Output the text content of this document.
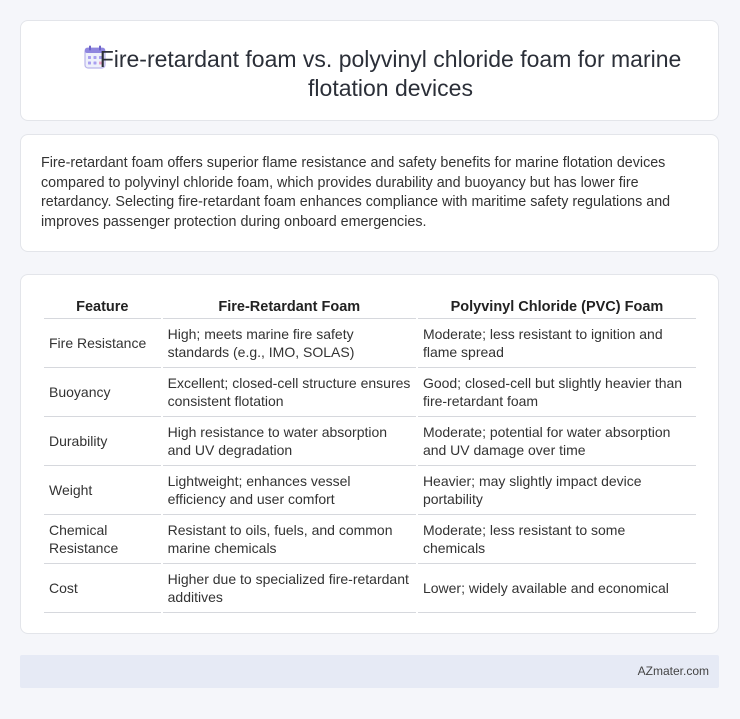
Fire-retardant foam vs. polyvinyl chloride foam for marine flotation devices

Fire-retardant foam offers superior flame resistance and safety benefits for marine flotation devices compared to polyvinyl chloride foam, which provides durability and buoyancy but has lower fire retardancy. Selecting fire-retardant foam enhances compliance with maritime safety regulations and improves passenger protection during onboard emergencies.

Feature	Fire-Retardant Foam	Polyvinyl Chloride (PVC) Foam
Fire Resistance	High; meets marine fire safety standards (e.g., IMO, SOLAS)	Moderate; less resistant to ignition and flame spread
Buoyancy	Excellent; closed-cell structure ensures consistent flotation	Good; closed-cell but slightly heavier than fire-retardant foam
Durability	High resistance to water absorption and UV degradation	Moderate; potential for water absorption and UV damage over time
Weight	Lightweight; enhances vessel efficiency and user comfort	Heavier; may slightly impact device portability
Chemical Resistance	Resistant to oils, fuels, and common marine chemicals	Moderate; less resistant to some chemicals
Cost	Higher due to specialized fire-retardant additives	Lower; widely available and economical
AZmater.com
